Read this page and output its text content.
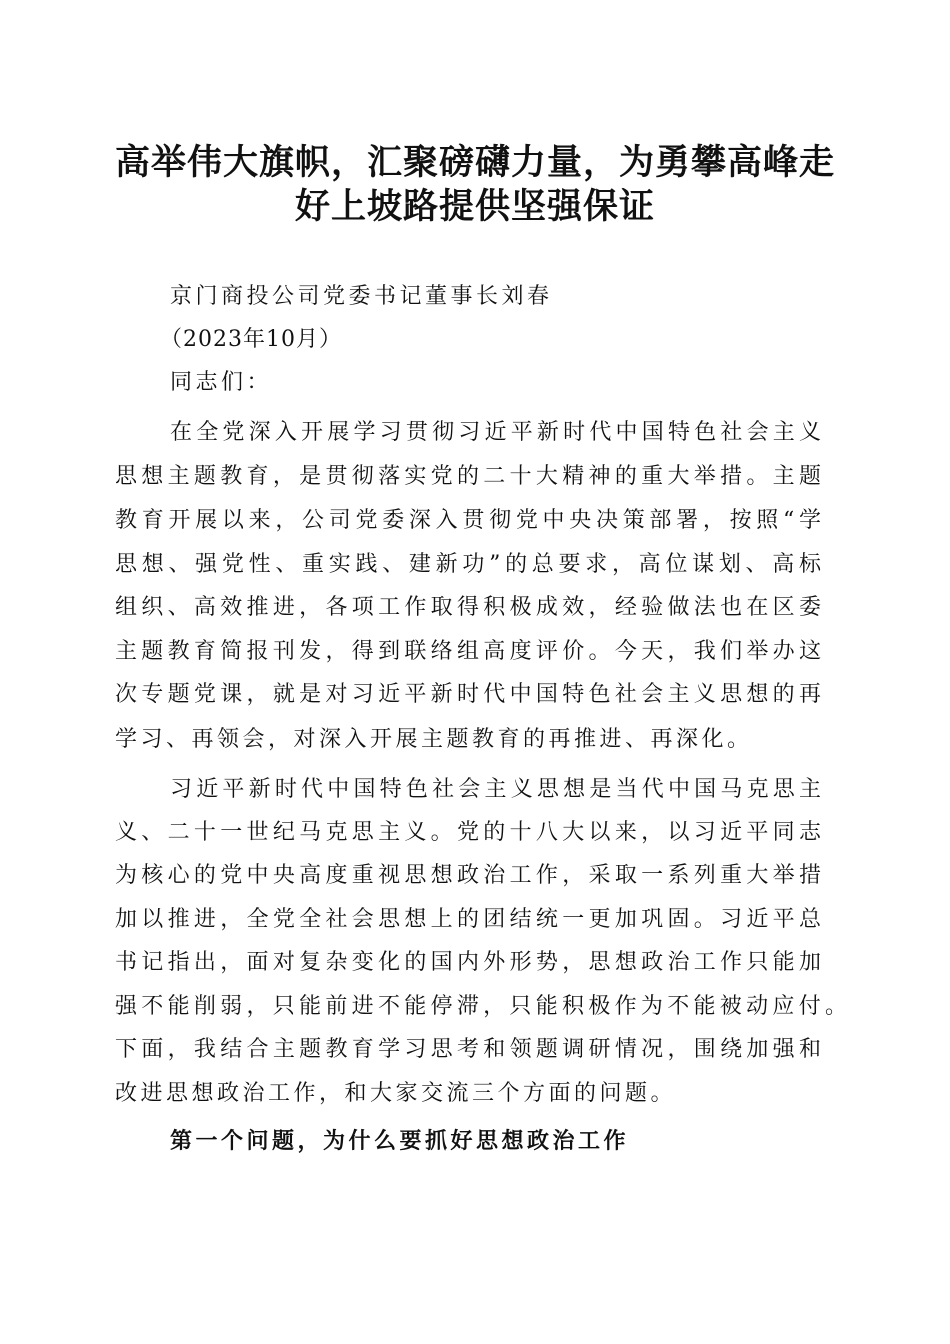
高举伟大旗帜，汇聚磅礴力量，为勇攀高峰走
好上坡路提供坚强保证
京门商投公司党委书记董事长刘春
（2023年10月）
同志们：
在全党深入开展学习贯彻习近平新时代中国特色社会主义
思想主题教育，是贯彻落实党的二十大精神的重大举措。主题
教育开展以来，公司党委深入贯彻党中央决策部署，按照“学
思想、强党性、重实践、建新功”的总要求，高位谋划、高标
组织、高效推进，各项工作取得积极成效，经验做法也在区委
主题教育简报刊发，得到联络组高度评价。今天，我们举办这
次专题党课，就是对习近平新时代中国特色社会主义思想的再
学习、再领会，对深入开展主题教育的再推进、再深化。
习近平新时代中国特色社会主义思想是当代中国马克思主
义、二十一世纪马克思主义。党的十八大以来，以习近平同志
为核心的党中央高度重视思想政治工作，采取一系列重大举措
加以推进，全党全社会思想上的团结统一更加巩固。习近平总
书记指出，面对复杂变化的国内外形势，思想政治工作只能加
强不能削弱，只能前进不能停滞，只能积极作为不能被动应付。
下面，我结合主题教育学习思考和领题调研情况，围绕加强和
改进思想政治工作，和大家交流三个方面的问题。
第一个问题，为什么要抓好思想政治工作
